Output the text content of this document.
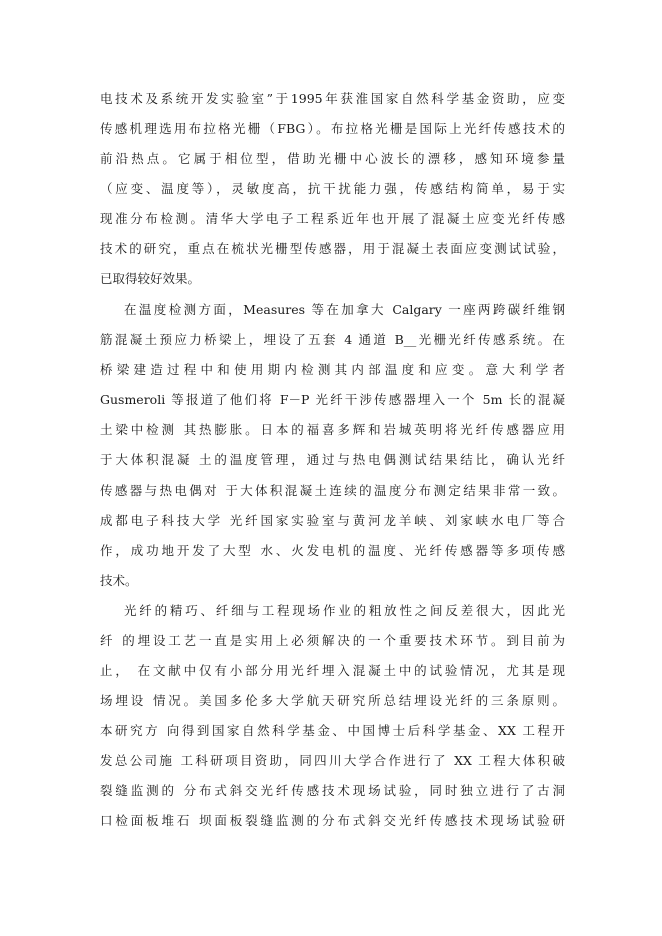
电技术及系统开发实验室”于1995年获淮国家自然科学基金资助，应变
传感机理选用布拉格光栅（FBG）。布拉格光栅是国际上光纤传感技术的
前沿热点。它属于相位型，借助光栅中心波长的漂移，感知环境参量
（应变、温度等），灵敏度高，抗干扰能力强，传感结构简单，易于实
现准分布检测。清华大学电子工程系近年也开展了混凝土应变光纤传感
技术的研究，重点在梳状光栅型传感器，用于混凝土表面应变测试试验，
已取得较好效果。
在温度检测方面，Measures 等在加拿大 Calgary 一座两跨碳纤维钢
筋混凝土预应力桥梁上，埋设了五套 4 通道 B__光栅光纤传感系统。在
桥梁建造过程中和使用期内检测其内部温度和应变。意大利学者
Gusmeroli 等报道了他们将 F－P 光纤干涉传感器埋入一个 5m 长的混凝
土梁中检测 其热膨胀。日本的福喜多辉和岩城英明将光纤传感器应用
于大体积混凝 土的温度管理，通过与热电偶测试结果结比，确认光纤
传感器与热电偶对 于大体积混凝土连续的温度分布测定结果非常一致。
成都电子科技大学 光纤国家实验室与黄河龙羊峡、刘家峡水电厂等合
作，成功地开发了大型 水、火发电机的温度、光纤传感器等多项传感
技术。
光纤的精巧、纤细与工程现场作业的粗放性之间反差很大，因此光
纤 的埋设工艺一直是实用上必须解决的一个重要技术环节。到目前为
止， 在文献中仅有小部分用光纤埋入混凝土中的试验情况，尤其是现
场埋设 情况。美国多伦多大学航天研究所总结埋设光纤的三条原则。
本研究方 向得到国家自然科学基金、中国博士后科学基金、XX 工程开
发总公司施 工科研项目资助，同四川大学合作进行了 XX 工程大体积破
裂缝监测的 分布式斜交光纤传感技术现场试验，同时独立进行了古洞
口检面板堆石 坝面板裂缝监测的分布式斜交光纤传感技术现场试验研
